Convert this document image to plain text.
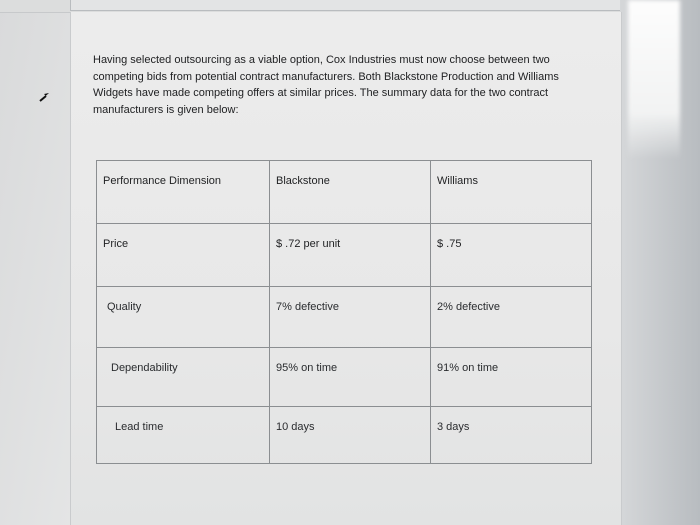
Having selected outsourcing as a viable option, Cox Industries must now choose between two

competing bids from potential contract manufacturers. Both Blackstone Production and Williams

Widgets have made competing offers at similar prices. The summary data for the two contract

manufacturers is given below:

Performance Dimension	Blackstone	Williams
Price	$ .72 per unit	$ .75
Quality	7% defective	2% defective
Dependability	95% on time	91% on time
Lead time	10 days	3 days
